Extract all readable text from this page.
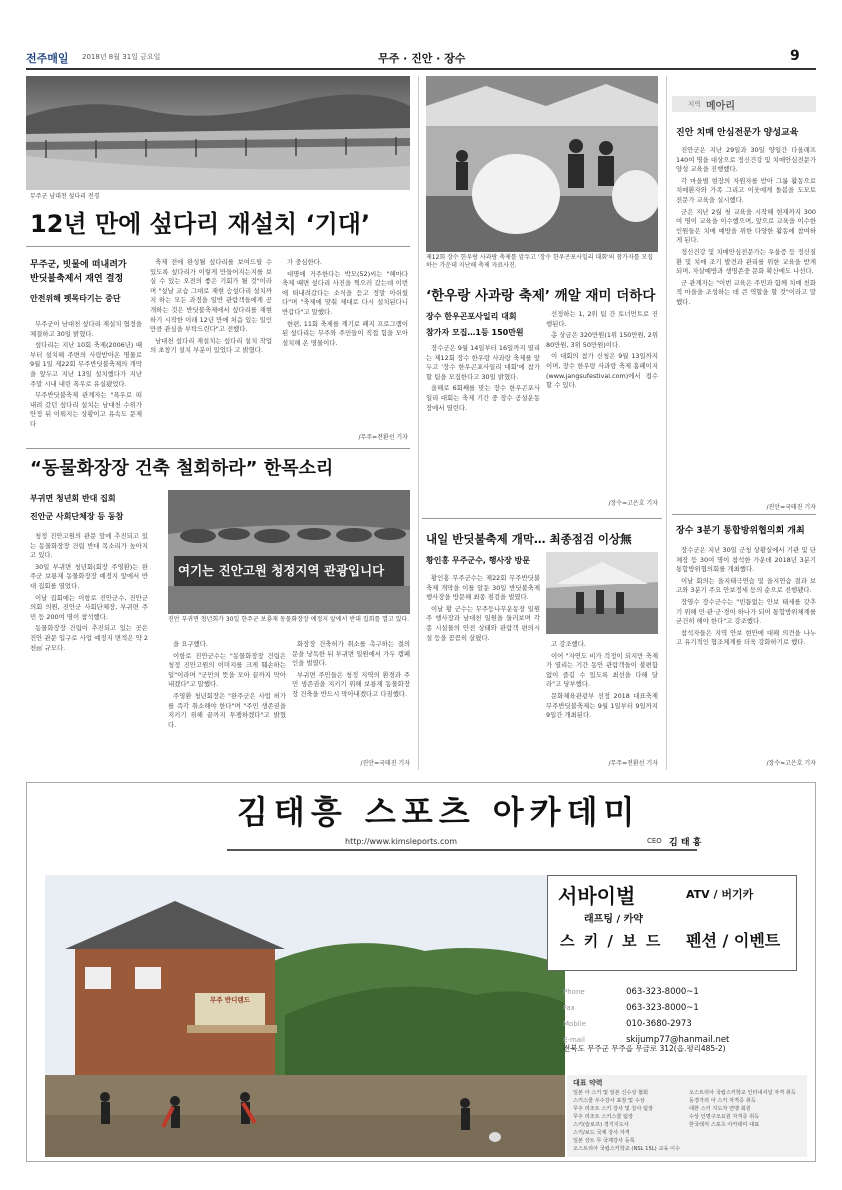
전주매일 2018년 8월 31일 금요일	무주 · 진안 · 장수	9
무주군 남대천 섶다리 전경
12년 만에 섶다리 재설치 ‘기대’
무주군, 빗물에 떠내려가
반딧불축제서 재연 결정
안전위해 펫목타기는 중단

무주군이 남대천 섶다리 재설치 협정을 체결하고 30일 밝혔다.

섶다리는 지난 10회 축제(2006년) 때부터 설치해 주변의 사랑받아온 명물로 9월 1일 제22회 무주반딧불축제의 개막을 앞두고 지난 13일 설치했다가 지난 주말 시내 내린 폭우로 유실됐었다.

무주반딧불축제 관계자는 "폭우로 떠내려 갔던 섶다리 설치는 남대천 수위가 안정 뒤 이뤄지는 상황이고 유속도 문제다

축제 전에 완성될 섶다리를 보여드릴 수 있도록 섶다리가 이렇게 만들어지는지를 보실 수 있는 오전의 좋은 기회가 될 것"이라며 "섶날 코습 그대로 재현 승섶다리 설치까지 하는 모든 과정을 일반 관람객들에게 공개하는 것은 반딧불축제에서 섶다리를 재현하기 시작한 이래 12년 만에 처음 있는 일인 만큼 관심을 부탁드린다"고 전했다.

남대천 섶다리 재설치는 섶다리 설치 작업의 초창기 설치 부분이 있었다 고 밝혔다.

가 중심한다.

대명에 거주한다는 박모(52)씨는 "해마다 축제 때면 섶다리 사진을 찍으러 갔는데 이번에 떠내려갔다는 소식을 듣고 정말 아쉬웠다"며 "축제에 맞춰 제대로 다시 설치된다니 반갑다"고 말했다.

한편, 11회 축제를 계기로 폐지 프로그램이 된 섶다리는 무주와 주민들이 직접 힘을 모아 설치해 온 명물이다.

/무주=전환선 기자
“동물화장장 건축 철회하라” 한목소리
부귀면 청년회 반대 집회
진안군 사회단체장 등 동참

청정 진안고원의 관문 앞에 추진되고 있는 동물화장장 건립 반대 목소리가 높아지고 있다.

30일 부귀면 청년회(회장 주영환)는 완주군 보룡재 동물화장장 예정지 앞에서 반대 집회를 열었다.

이날 집회에는 이항로 진안군수, 진안군의회 의원, 진안군 사회단체장, 부귀면 주민 등 200여 명이 참석했다.

동물화장장 건립이 추진되고 있는 곳은 진안 관문 입구로 사업 예정지 면적은 약 2천㎡ 규모다.

여기는 진안고원 청정지역 관광입니다
진안 부귀면 청년회가 30일 한주군 보룡재 동물화장장 예정지 앞에서 반대 집회를 열고 있다.

을 요구했다.

이항로 진안군수는 "동물화장장 건립은 청정 진안고원의 이미지를 크게 훼손하는 일"이라며 "군민의 뜻을 모아 끝까지 막아내겠다"고 말했다.

주영환 청년회장은 "완주군은 사업 허가를 즉각 취소해야 한다"며 "주민 생존권을 지키기 위해 끝까지 투쟁하겠다"고 밝혔다.

화장장 건축허가 취소를 촉구하는 결의문을 낭독한 뒤 부귀면 일원에서 가두 캠페인을 벌였다.

부귀면 주민들은 청정 지역의 환경과 주민 생존권을 지키기 위해 보룡재 동물화장장 건축을 반드시 막아내겠다고 다짐했다.

/진안=국태진 기자
제12회 장수 한우랑 사과랑 축제를 앞두고 '장수 한우곤포사일리 대회'의 참가자를 모집하는 가운데 지난해 축제 자료사진.
‘한우랑 사과랑 축제’ 깨알 재미 더하다
장수 한우곤포사일리 대회
참가자 모집…1등 150만원

장수군은 9월 14일부터 16일까지 열리는 제12회 장수 한우랑 사과랑 축제를 앞두고 '장수 한우곤포사일리 대회'에 참가할 팀을 모집한다고 30일 밝혔다.

올해로 6회째를 맞는 장수 한우곤포사일리 대회는 축제 기간 중 장수 공설운동장에서 열린다.

선정하는 1, 2위 팀 간 토너먼트로 진행된다.

총 상금은 320만원(1위 150만원, 2위 80만원, 3위 50만원)이다.

이 대회의 참가 신청은 9월 13일까지이며, 장수 한우랑 사과랑 축제 홈페이지(www.jangsufestival.com)에서 접수할 수 있다.

/장수=고은호 기자
내일 반딧불축제 개막… 최종점검 이상無
황인홍 무주군수, 행사장 방문

황인홍 무주군수는 제22회 무주반딧불축제 개막을 이틀 앞둔 30일 반딧불축제 행사장을 방문해 최종 점검을 벌였다.

이날 황 군수는 무주등나무운동장 일원 주 행사장과 남대천 일원을 둘러보며 각종 시설물의 안전 상태와 관람객 편의시설 등을 꼼꼼히 살폈다.

고 강조했다.

이어 "자연도 비가 걱정이 되지만 축제가 열리는 기간 동안 관람객들이 불편함 없이 즐길 수 있도록 최선을 다해 달라"고 당부했다.

문화체육관광부 선정 2018 대표축제 무주반딧불축제는 9월 1일부터 9일까지 9일간 개최된다.

/무주=전환선 기자
지역 메아리
진안 치매 안심전문가 양성교육

진안군은 지난 29일과 30일 양일간 다올래프 140여 명을 대상으로 정신건강 및 치매안심전문가 양성 교육을 진행했다.

각 마을별 현장의 자원자를 받아 그룹 활동으로 치매환자와 가족 그리고 이웃에게 돌봄을 도모토 전문가 교육을 실시했다.

군은 지난 2월 첫 교육을 시작해 현재까지 300여 명이 교육을 이수했으며, 앞으로 교육을 이수한 인원들은 치매 예방을 위한 다양한 활동에 참여하게 된다.

정신건강 및 치매안심전문가는 우울증 등 정신질환 및 치매 조기 발견과 관리를 위한 교육을 받게 되며, 자살예방과 생명존중 문화 확산에도 나선다.

군 관계자는 "이번 교육은 주민과 함께 치매 친화적 마을을 조성하는 데 큰 역할을 할 것"이라고 말했다.

/진안=국태진 기자
장수 3분기 통합방위협의회 개최

장수군은 지난 30일 군청 상황실에서 기관 및 단체장 등 30여 명이 참석한 가운데 2018년 3분기 통합방위협의회를 개최했다.

이날 회의는 을지태극연습 및 을지연습 결과 보고와 3분기 주요 안보정세 등의 순으로 진행됐다.

장영수 장수군수는 "빈틈없는 안보 태세를 갖추기 위해 민·관·군·경이 하나가 되어 통합방위체계를 굳건히 해야 한다"고 강조했다.

참석자들은 지역 안보 현안에 대해 의견을 나누고 유기적인 협조체계를 더욱 강화하기로 했다.

/장수=고은호 기자
김태흥 스포츠 아카데미
http://www.kimsleports.com	CEO 김 태 흥
무주 반디랜드
서바이벌
래프팅 / 카약
스 키 / 보 드
ATV / 버기카
펜션 / 이벤트
Phone	063-323-8000~1
Fax	063-323-8000~1
Mobile	010-3680-2973
E-mail	skijump77@hanmail.net
전북도 무주군 무주읍 무금로 312(읍.평리485-2)
대표 약력
일본 아 스키 및 일본 신수상 협회
스키스쿨 우수강사 표창 및 수상
무주 리조트 스키 강사 및 강사 팀장
무주 리조트 스키스쿨 팀장
스키(슬로프) 경기지도사
스키/보드 국제 강사 자격
일본 상트 무 국제강사 등록
오스트리아 국립스키학교 (NSL 15L) 교육 이수
오스트리아 국립스키학교 인터내셔널 자격 취득
동경가리 아 스키 자격증 취득
대한 스키 지도자 연맹 회원
수상 인명구조요원 자격증 취득
한국레저 스포츠 아카데미 대표
